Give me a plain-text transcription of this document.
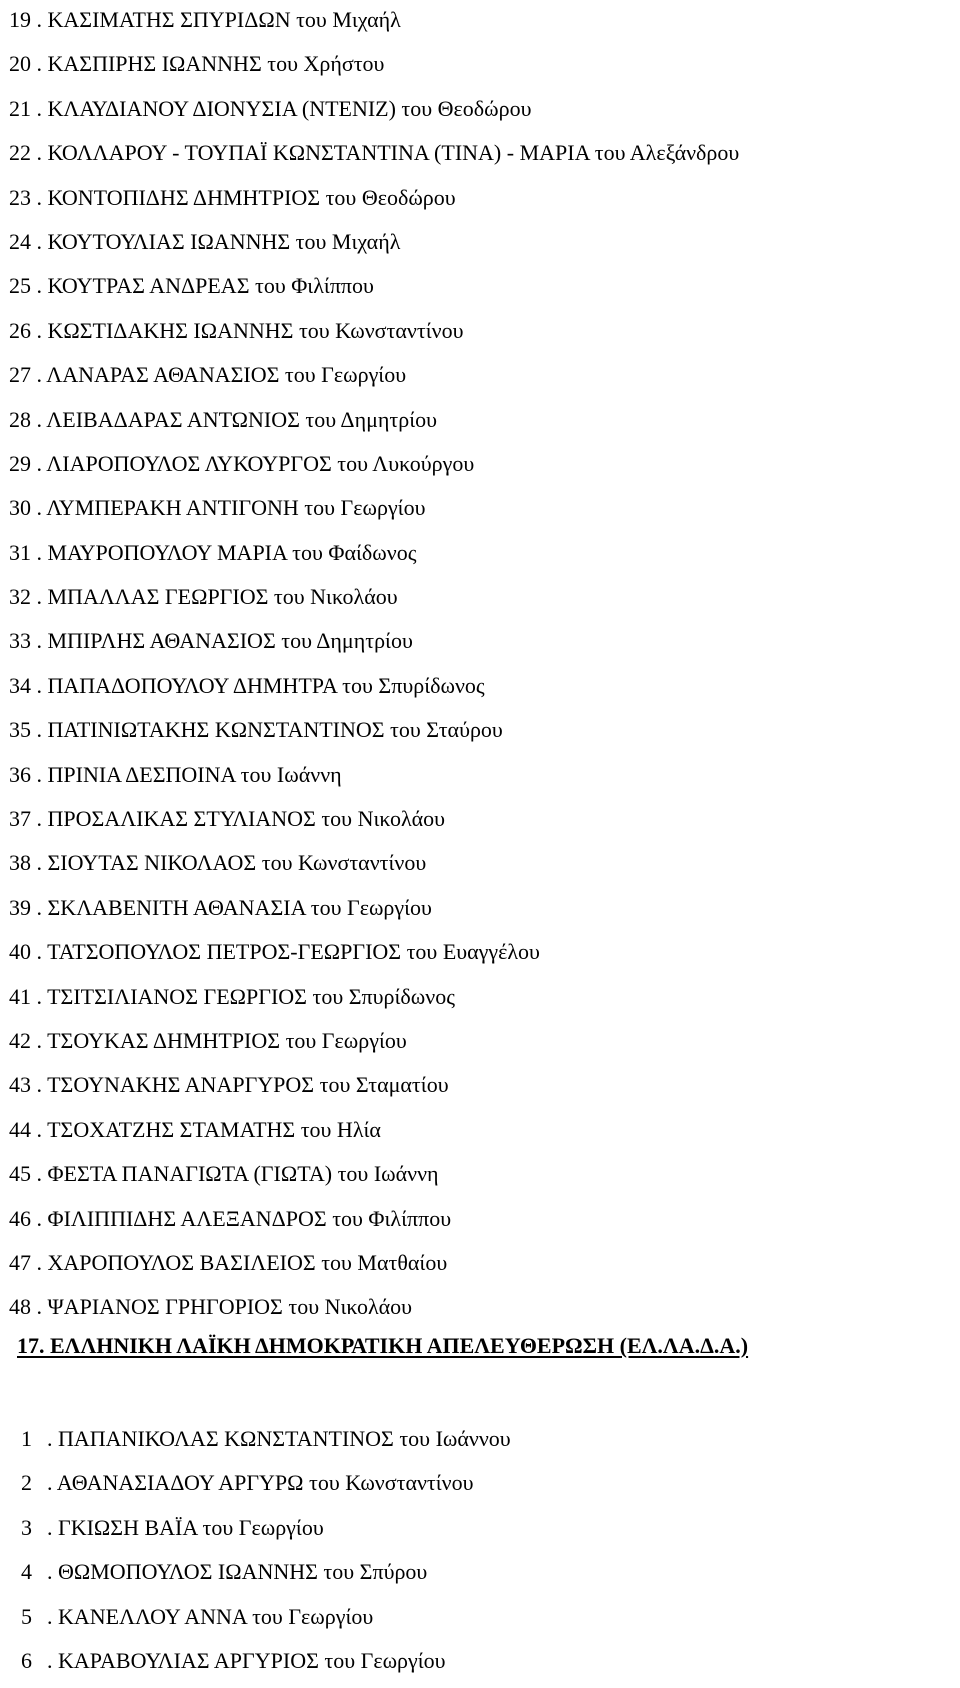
19 . ΚΑΣΙΜΑΤΗΣ ΣΠΥΡΙΔΩΝ του Μιχαήλ
20 . ΚΑΣΠΙΡΗΣ ΙΩΑΝΝΗΣ του Χρήστου
21 . ΚΛΑΥΔΙΑΝΟΥ ΔΙΟΝΥΣΙΑ (ΝΤΕΝΙΖ) του Θεοδώρου
22 . ΚΟΛΛΑΡΟΥ - ΤΟΥΠΑΪ ΚΩΝΣΤΑΝΤΙΝΑ (ΤΙΝΑ) - ΜΑΡΙΑ του Αλεξάνδρου
23 . ΚΟΝΤΟΠΙΔΗΣ ΔΗΜΗΤΡΙΟΣ του Θεοδώρου
24 . ΚΟΥΤΟΥΛΙΑΣ ΙΩΑΝΝΗΣ του Μιχαήλ
25 . ΚΟΥΤΡΑΣ ΑΝΔΡΕΑΣ του Φιλίππου
26 . ΚΩΣΤΙΔΑΚΗΣ ΙΩΑΝΝΗΣ του Κωνσταντίνου
27 . ΛΑΝΑΡΑΣ ΑΘΑΝΑΣΙΟΣ του Γεωργίου
28 . ΛΕΙΒΑΔΑΡΑΣ ΑΝΤΩΝΙΟΣ του Δημητρίου
29 . ΛΙΑΡΟΠΟΥΛΟΣ ΛΥΚΟΥΡΓΟΣ του Λυκούργου
30 . ΛΥΜΠΕΡΑΚΗ ΑΝΤΙΓΟΝΗ του Γεωργίου
31 . ΜΑΥΡΟΠΟΥΛΟΥ ΜΑΡΙΑ του Φαίδωνος
32 . ΜΠΑΛΛΑΣ ΓΕΩΡΓΙΟΣ του Νικολάου
33 . ΜΠΙΡΛΗΣ ΑΘΑΝΑΣΙΟΣ του Δημητρίου
34 . ΠΑΠΑΔΟΠΟΥΛΟΥ ΔΗΜΗΤΡΑ του Σπυρίδωνος
35 . ΠΑΤΙΝΙΩΤΑΚΗΣ ΚΩΝΣΤΑΝΤΙΝΟΣ του Σταύρου
36 . ΠΡΙΝΙΑ ΔΕΣΠΟΙΝΑ του Ιωάννη
37 . ΠΡΟΣΑΛΙΚΑΣ ΣΤΥΛΙΑΝΟΣ του Νικολάου
38 . ΣΙΟΥΤΑΣ ΝΙΚΟΛΑΟΣ του Κωνσταντίνου
39 . ΣΚΛΑΒΕΝΙΤΗ ΑΘΑΝΑΣΙΑ του Γεωργίου
40 . ΤΑΤΣΟΠΟΥΛΟΣ ΠΕΤΡΟΣ-ΓΕΩΡΓΙΟΣ του Ευαγγέλου
41 . ΤΣΙΤΣΙΛΙΑΝΟΣ ΓΕΩΡΓΙΟΣ του Σπυρίδωνος
42 . ΤΣΟΥΚΑΣ ΔΗΜΗΤΡΙΟΣ του Γεωργίου
43 . ΤΣΟΥΝΑΚΗΣ ΑΝΑΡΓΥΡΟΣ του Σταματίου
44 . ΤΣΟΧΑΤΖΗΣ ΣΤΑΜΑΤΗΣ του Ηλία
45 . ΦΕΣΤΑ ΠΑΝΑΓΙΩΤΑ (ΓΙΩΤΑ) του Ιωάννη
46 . ΦΙΛΙΠΠΙΔΗΣ ΑΛΕΞΑΝΔΡΟΣ του Φιλίππου
47 . ΧΑΡΟΠΟΥΛΟΣ ΒΑΣΙΛΕΙΟΣ του Ματθαίου
48 . ΨΑΡΙΑΝΟΣ ΓΡΗΓΟΡΙΟΣ του Νικολάου
17. ΕΛΛΗΝΙΚΗ ΛΑΪΚΗ ΔΗΜΟΚΡΑΤΙΚΗ ΑΠΕΛΕΥΘΕΡΩΣΗ (ΕΛ.ΛΑ.Δ.Α.)
1 . ΠΑΠΑΝΙΚΟΛΑΣ ΚΩΝΣΤΑΝΤΙΝΟΣ του Ιωάννου
2 . ΑΘΑΝΑΣΙΑΔΟΥ ΑΡΓΥΡΩ του Κωνσταντίνου
3 . ΓΚΙΩΣΗ ΒΑΪΑ του Γεωργίου
4 . ΘΩΜΟΠΟΥΛΟΣ ΙΩΑΝΝΗΣ του Σπύρου
5 . ΚΑΝΕΛΛΟΥ ΑΝΝΑ του Γεωργίου
6 . ΚΑΡΑΒΟΥΛΙΑΣ ΑΡΓΥΡΙΟΣ του Γεωργίου
